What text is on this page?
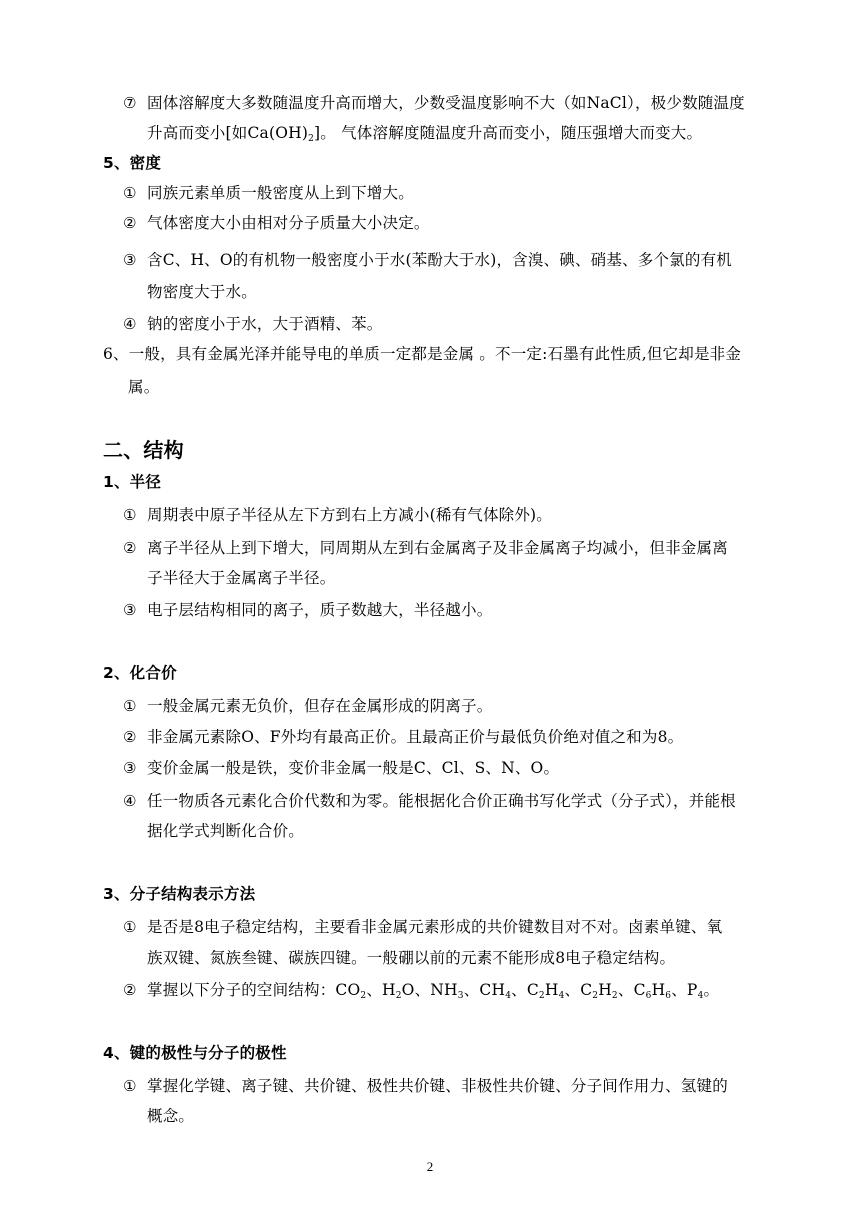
⑦ 固体溶解度大多数随温度升高而增大，少数受温度影响不大（如NaCl），极少数随温度
升高而变小[如$Ca(OH)_2$]。 气体溶解度随温度升高而变小，随压强增大而变大。
5、密度
① 同族元素单质一般密度从上到下增大。
② 气体密度大小由相对分子质量大小决定。
③ 含C、H、O的有机物一般密度小于水(苯酚大于水)，含溴、碘、硝基、多个氯的有机
物密度大于水。
④ 钠的密度小于水，大于酒精、苯。
6、一般，具有金属光泽并能导电的单质一定都是金属 。不一定:石墨有此性质,但它却是非金
属。
二、结构
1、半径
① 周期表中原子半径从左下方到右上方减小(稀有气体除外)。
② 离子半径从上到下增大，同周期从左到右金属离子及非金属离子均减小，但非金属离
子半径大于金属离子半径。
③ 电子层结构相同的离子，质子数越大，半径越小。
2、化合价
① 一般金属元素无负价，但存在金属形成的阴离子。
② 非金属元素除O、F外均有最高正价。且最高正价与最低负价绝对值之和为8。
③ 变价金属一般是铁，变价非金属一般是C、Cl、S、N、O。
④ 任一物质各元素化合价代数和为零。能根据化合价正确书写化学式（分子式），并能根
据化学式判断化合价。
3、分子结构表示方法
① 是否是8电子稳定结构，主要看非金属元素形成的共价键数目对不对。卤素单键、氧
族双键、氮族叁键、碳族四键。一般硼以前的元素不能形成8电子稳定结构。
② 掌握以下分子的空间结构：$CO_2$、$H_2O$、$NH_3$、$CH_4$、$C_2H_4$、$C_2H_2$、$C_6H_6$、$P_4$。
4、键的极性与分子的极性
① 掌握化学键、离子键、共价键、极性共价键、非极性共价键、分子间作用力、氢键的
概念。
2
